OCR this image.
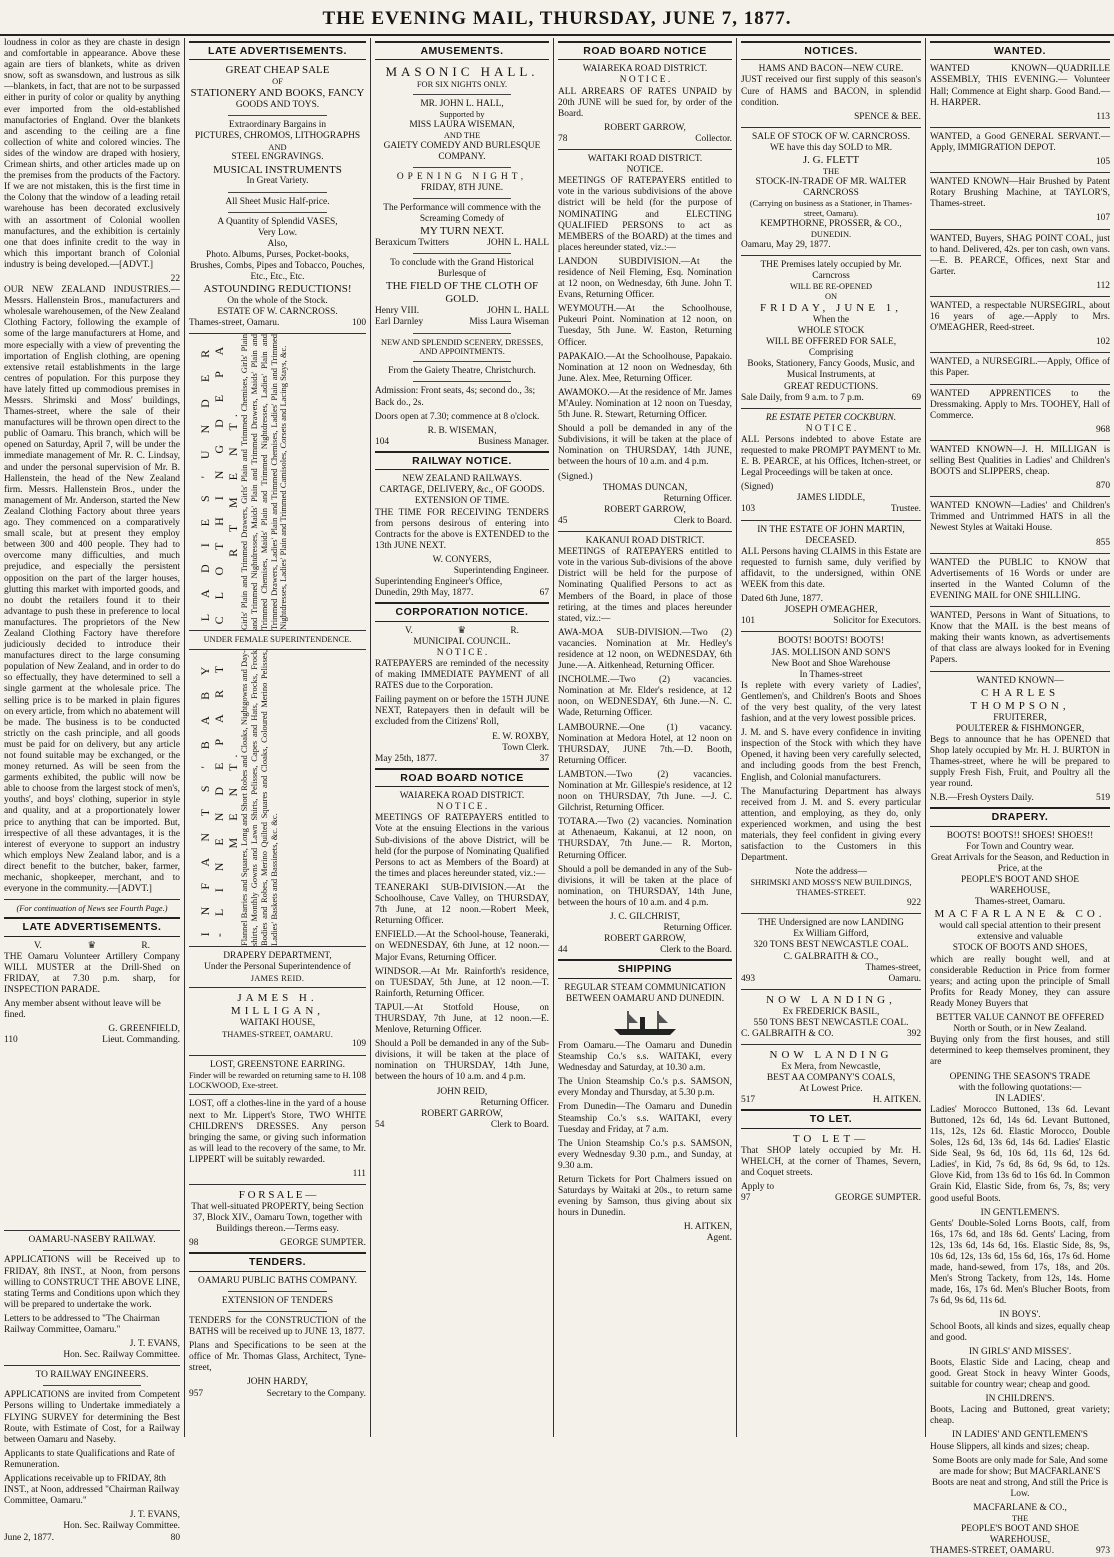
THE EVENING MAIL, THURSDAY, JUNE 7, 1877.

loudness in color as they are chaste in design and comfortable in appearance. Above these again are tiers of blankets, white as driven snow, soft as swansdown, and lustrous as silk —blankets, in fact, that are not to be surpassed either in purity of color or quality by anything ever imported from the old-established manufactories of England. Over the blankets and ascending to the ceiling are a fine collection of white and colored wincies. The sides of the window are draped with hosiery, Crimean shirts, and other articles made up on the premises from the products of the Factory. If we are not mistaken, this is the first time in the Colony that the window of a leading retail warehouse has been decorated exclusively with an assortment of Colonial woollen manufactures, and the exhibition is certainly one that does infinite credit to the way in which this important branch of Colonial industry is being developed.—[ADVT.]

22

OUR NEW ZEALAND INDUSTRIES.—Messrs. Hallenstein Bros., manufacturers and wholesale warehousemen, of the New Zealand Clothing Factory, following the example of some of the large manufacturers at Home, and more especially with a view of preventing the importation of English clothing, are opening extensive retail establishments in the large centres of population. For this purpose they have lately fitted up commodious premises in Messrs. Shrimski and Moss' buildings, Thames-street, where the sale of their manufactures will be thrown open direct to the public of Oamaru. This branch, which will be opened on Saturday, April 7, will be under the immediate management of Mr. R. C. Lindsay, and under the personal supervision of Mr. B. Hallenstein, the head of the New Zealand firm. Messrs. Hallenstein Bros., under the management of Mr. Anderson, started the New Zealand Clothing Factory about three years ago. They commenced on a comparatively small scale, but at present they employ between 300 and 400 people. They had to overcome many difficulties, and much prejudice, and especially the persistent opposition on the part of the larger houses, glutting this market with imported goods, and no doubt the retailers found it to their advantage to push these in preference to local manufactures. The proprietors of the New Zealand Clothing Factory have therefore judiciously decided to introduce their manufactures direct to the large consuming population of New Zealand, and in order to do so effectually, they have determined to sell a single garment at the wholesale price. The selling price is to be marked in plain figures on every article, from which no abatement will be made. The business is to be conducted strictly on the cash principle, and all goods must be paid for on delivery, but any article not found suitable may be exchanged, or the money returned. As will be seen from the garments exhibited, the public will now be able to choose from the largest stock of men's, youths', and boys' clothing, superior in style and quality, and at a proportionately lower price to anything that can be imported. But, irrespective of all these advantages, it is the interest of everyone to support an industry which employs New Zealand labor, and is a direct benefit to the butcher, baker, farmer, mechanic, shopkeeper, merchant, and to everyone in the community.—[ADVT.]

(For continuation of News see Fourth Page.)
LATE ADVERTISEMENTS.
V.	♛	R.

THE Oamaru Volunteer Artillery Company WILL MUSTER at the Drill-Shed on FRIDAY, at 7.30 p.m. sharp, for INSPECTION PARADE.

Any member absent without leave will be fined.

G. GREENFIELD,
110	Lieut. Commanding.
OAMARU-NASEBY RAILWAY.

APPLICATIONS will be Received up to FRIDAY, 8th INST., at Noon, from persons willing to CONSTRUCT THE ABOVE LINE, stating Terms and Conditions upon which they will be prepared to undertake the work.

Letters to be addressed to "The Chairman Railway Committee, Oamaru."

J. T. EVANS,
Hon. Sec. Railway Committee.
TO RAILWAY ENGINEERS.

APPLICATIONS are invited from Competent Persons willing to Undertake immediately a FLYING SURVEY for determining the Best Route, with Estimate of Cost, for a Railway between Oamaru and Naseby.

Applicants to state Qualifications and Rate of Remuneration.

Applications receivable up to FRIDAY, 8th INST., at Noon, addressed "Chairman Railway Committee, Oamaru."

J. T. EVANS,
Hon. Sec. Railway Committee.
June 2, 1877.	80
LATE ADVERTISEMENTS.
GREAT CHEAP SALE
OF
STATIONERY AND BOOKS, FANCY
GOODS AND TOYS.
Extraordinary Bargains in
PICTURES, CHROMOS, LITHOGRAPHS
AND
STEEL ENGRAVINGS.
MUSICAL INSTRUMENTS
In Great Variety.
All Sheet Music Half-price.
A Quantity of Splendid VASES,
Very Low.
Also,
Photo. Albums, Purses, Pocket-books, Brushes, Combs, Pipes and Tobacco, Pouches, Etc., Etc., Etc.
ASTOUNDING REDUCTIONS!
On the whole of the Stock.
ESTATE OF W. CARNCROSS.
Thames-street, Oamaru.	100
L A D I E S ' U N D E R C L O T H I N G D E P A R T M E N T. Girls' Plain and Trimmed Drawers, Girls' Plain and Trimmed Chemises, Girls' Plain and Trimmed Nightdresses, Maids' Plain and Trimmed Drawers, Maids' Plain and Trimmed Chemises, Maids' Plain and Trimmed Nightdresses, Ladies' Plain and Trimmed Drawers, Ladies' Plain and Trimmed Chemises, Ladies' Plain and Trimmed Nightdresses, Ladies' Plain and Trimmed Camisoles, Corsets and Lacing Stays, &c.
UNDER FEMALE SUPERINTENDENCE.
I N F A N T S ' B A B Y - L I N E N D E P A R T M E N T. Flannel Barries and Squares, Long and Short Robes and Cloaks, Nightgowns and Day-shirts, Monthly Gowns and Lawn Shirts, Pelisses, Capes and Hats, Frocks, Frock Bodies and Robes, Merino Quilted Squares and Cloaks, Coloured Merino Pelisses, Ladies' Baskets and Bassinets, &c. &c.
DRAPERY DEPARTMENT,
Under the Personal Superintendence of
JAMES REID.
JAMES H. MILLIGAN,
WAITAKI HOUSE,
THAMES-STREET, OAMARU.
109
LOST, GREENSTONE EARRING.
Finder will be rewarded on returning same to H. LOCKWOOD, Exe-street.
108

LOST, off a clothes-line in the yard of a house next to Mr. Lippert's Store, TWO WHITE CHILDREN'S DRESSES. Any person bringing the same, or giving such information as will lead to the recovery of the same, to Mr. LIPPERT will be suitably rewarded.

111
F O R S A L E —

That well-situated PROPERTY, being Section 37, Block XIV., Oamaru Town, together with Buildings thereon.—Terms easy.

98	GEORGE SUMPTER.
TENDERS.
OAMARU PUBLIC BATHS COMPANY.
EXTENSION OF TENDERS

TENDERS for the CONSTRUCTION of the BATHS will be received up to JUNE 13, 1877.

Plans and Specifications to be seen at the office of Mr. Thomas Glass, Architect, Tyne-street,

JOHN HARDY,
957	Secretary to the Company.
AMUSEMENTS.
MASONIC HALL.
FOR SIX NIGHTS ONLY.
MR. JOHN L. HALL,
Supported by
MISS LAURA WISEMAN,
AND THE
GAIETY COMEDY AND BURLESQUE COMPANY.
OPENING NIGHT,
FRIDAY, 8TH JUNE.
The Performance will commence with the Screaming Comedy of
MY TURN NEXT.
Beraxicum Twitters	JOHN L. HALL
To conclude with the Grand Historical Burlesque of
THE FIELD OF THE CLOTH OF GOLD.
Henry VIII.	JOHN L. HALL
Earl Darnley	Miss Laura Wiseman
NEW AND SPLENDID SCENERY, DRESSES, AND APPOINTMENTS.
From the Gaiety Theatre, Christchurch.

Admission: Front seats, 4s; second do., 3s; Back do., 2s.

Doors open at 7.30; commence at 8 o'clock.

R. B. WISEMAN,
104	Business Manager.
RAILWAY NOTICE.
NEW ZEALAND RAILWAYS.
CARTAGE, DELIVERY, &c., OF GOODS.
EXTENSION OF TIME.

THE TIME FOR RECEIVING TENDERS from persons desirous of entering into Contracts for the above is EXTENDED to the 13th JUNE NEXT.

W. CONYERS,
Superintending Engineer.
Superintending Engineer's Office,
Dunedin, 29th May, 1877.	67
CORPORATION NOTICE.
V.	♛	R.
MUNICIPAL COUNCIL.
N O T I C E .

RATEPAYERS are reminded of the necessity of making IMMEDIATE PAYMENT of all RATES due to the Corporation.

Failing payment on or before the 15TH JUNE NEXT, Ratepayers then in default will be excluded from the Citizens' Roll,

E. W. ROXBY,
Town Clerk.
May 25th, 1877.	37
ROAD BOARD NOTICE
WAIAREKA ROAD DISTRICT.
N O T I C E .

MEETINGS OF RATEPAYERS entitled to Vote at the ensuing Elections in the various Sub-divisions of the above District, will be held (for the purpose of Nominating Qualified Persons to act as Members of the Board) at the times and places hereunder stated, viz.:—

TEANERAKI SUB-DIVISION.—At the Schoolhouse, Cave Valley, on THURSDAY, 7th June, at 12 noon.—Robert Meek, Returning Officer.

ENFIELD.—At the School-house, Teaneraki, on WEDNESDAY, 6th June, at 12 noon.—Major Evans, Returning Officer.

WINDSOR.—At Mr. Rainforth's residence, on TUESDAY, 5th June, at 12 noon.—T. Rainforth, Returning Officer.

TAPUI.—At Stotfold House, on THURSDAY, 7th June, at 12 noon.—E. Menlove, Returning Officer.

Should a Poll be demanded in any of the Sub-divisions, it will be taken at the place of nomination on THURSDAY, 14th June, between the hours of 10 a.m. and 4 p.m.

JOHN REID,
Returning Officer.
ROBERT GARROW,
54	Clerk to Board.
ROAD BOARD NOTICE
WAIAREKA ROAD DISTRICT.
N O T I C E .

ALL ARREARS OF RATES UNPAID by 20th JUNE will be sued for, by order of the Board.

ROBERT GARROW,
78	Collector.
WAITAKI ROAD DISTRICT.
NOTICE.

MEETINGS OF RATEPAYERS entitled to vote in the various subdivisions of the above district will be held (for the purpose of NOMINATING and ELECTING QUALIFIED PERSONS to act as MEMBERS of the BOARD) at the times and places hereunder stated, viz.:—

LANDON SUBDIVISION.—At the residence of Neil Fleming, Esq. Nomination at 12 noon, on Wednesday, 6th June. John T. Evans, Returning Officer.

WEYMOUTH.—At the Schoolhouse, Pukeuri Point. Nomination at 12 noon, on Tuesday, 5th June. W. Easton, Returning Officer.

PAPAKAIO.—At the Schoolhouse, Papakaio. Nomination at 12 noon on Wednesday, 6th June. Alex. Mee, Returning Officer.

AWAMOKO.—At the residence of Mr. James M'Auley. Nomination at 12 noon on Tuesday, 5th June. R. Stewart, Returning Officer.

Should a poll be demanded in any of the Subdivisions, it will be taken at the place of Nomination on THURSDAY, 14th JUNE, between the hours of 10 a.m. and 4 p.m.

(Signed.)
THOMAS DUNCAN,
Returning Officer.
ROBERT GARROW,
45	Clerk to Board.
KAKANUI ROAD DISTRICT.

MEETINGS of RATEPAYERS entitled to vote in the various Sub-divisions of the above District will be held for the purpose of Nominating Qualified Persons to act as Members of the Board, in place of those retiring, at the times and places hereunder stated, viz.:—

AWA-MOA SUB-DIVISION.—Two (2) vacancies. Nomination at Mr. Hedley's residence at 12 noon, on WEDNESDAY, 6th June.—A. Aitkenhead, Returning Officer.

INCHOLME.—Two (2) vacancies. Nomination at Mr. Elder's residence, at 12 noon, on WEDNESDAY, 6th June.—N. C. Wade, Returning Officer.

LAMBOURNE.—One (1) vacancy. Nomination at Medora Hotel, at 12 noon on THURSDAY, JUNE 7th.—D. Booth, Returning Officer.

LAMBTON.—Two (2) vacancies. Nomination at Mr. Gillespie's residence, at 12 noon on THURSDAY, 7th June. —J. C. Gilchrist, Returning Officer.

TOTARA.—Two (2) vacancies. Nomination at Athenaeum, Kakanui, at 12 noon, on THURSDAY, 7th June.— R. Morton, Returning Officer.

Should a poll be demanded in any of the Sub-divisions, it will be taken at the place of nomination, on THURSDAY, 14th June, between the hours of 10 a.m. and 4 p.m.

J. C. GILCHRIST,
Returning Officer.
ROBERT GARROW,
44	Clerk to the Board.
SHIPPING
REGULAR STEAM COMMUNICATION BETWEEN OAMARU AND DUNEDIN.

From Oamaru.—The Oamaru and Dunedin Steamship Co.'s s.s. WAITAKI, every Wednesday and Saturday, at 10.30 a.m.

The Union Steamship Co.'s p.s. SAMSON, every Monday and Thursday, at 5.30 p.m.

From Dunedin—The Oamaru and Dunedin Steamship Co.'s s.s. WAITAKI, every Tuesday and Friday, at 7 a.m.

The Union Steamship Co.'s p.s. SAMSON, every Wednesday 9.30 p.m., and Sunday, at 9.30 a.m.

Return Tickets for Port Chalmers issued on Saturdays by Waitaki at 20s., to return same evening by Samson, thus giving about six hours in Dunedin.

H. AITKEN,
Agent.
NOTICES.
HAMS AND BACON—NEW CURE.

JUST received our first supply of this season's Cure of HAMS and BACON, in splendid condition.

SPENCE & BEE.
SALE OF STOCK OF W. CARNCROSS.
WE have this day SOLD to MR.
J. G. FLETT
THE
STOCK-IN-TRADE OF MR. WALTER CARNCROSS
(Carrying on business as a Stationer, in Thames-street, Oamaru).
KEMPTHORNE, PROSSER, & CO.,
DUNEDIN.
Oamaru, May 29, 1877.
THE Premises lately occupied by Mr. Carncross
WILL BE RE-OPENED
ON
FRIDAY, JUNE 1,
When the
WHOLE STOCK
WILL BE OFFERED FOR SALE,
Comprising
Books, Stationery, Fancy Goods, Music, and Musical Instruments, at
GREAT REDUCTIONS.
Sale Daily, from 9 a.m. to 7 p.m.	69
RE ESTATE PETER COCKBURN.
N O T I C E .

ALL Persons indebted to above Estate are requested to make PROMPT PAYMENT to Mr. E. B. PEARCE, at his Offices, Itchen-street, or Legal Proceedings will be taken at once.

(Signed)
JAMES LIDDLE,
103	Trustee.
IN THE ESTATE OF JOHN MARTIN, DECEASED.

ALL Persons having CLAIMS in this Estate are requested to furnish same, duly verified by affidavit, to the undersigned, within ONE WEEK from this date.

Dated 6th June, 1877.
JOSEPH O'MEAGHER,
101	Solicitor for Executors.
BOOTS! BOOTS! BOOTS!
JAS. MOLLISON AND SON'S
New Boot and Shoe Warehouse
In Thames-street

Is replete with every variety of Ladies', Gentlemen's, and Children's Boots and Shoes of the very best quality, of the very latest fashion, and at the very lowest possible prices.

J. M. and S. have every confidence in inviting inspection of the Stock with which they have Opened, it having been very carefully selected, and including goods from the best French, English, and Colonial manufacturers.

The Manufacturing Department has always received from J. M. and S. every particular attention, and employing, as they do, only experienced workmen, and using the best materials, they feel confident in giving every satisfaction to the Customers in this Department.

Note the address—
SHRIMSKI AND MOSS'S NEW BUILDINGS, THAMES-STREET.
922
THE Undersigned are now LANDING
Ex William Gifford,
320 TONS BEST NEWCASTLE COAL.
C. GALBRAITH & CO.,
Thames-street,
493	Oamaru.
NOW LANDING,
Ex FREDERICK BASIL,
550 TONS BEST NEWCASTLE COAL.
C. GALBRAITH & CO.	392
NOW LANDING
Ex Mera, from Newcastle,
BEST AA COMPANY'S COALS,
At Lowest Price.
517	H. AITKEN.
TO LET.
TO LET—

That SHOP lately occupied by Mr. H. WHELCH, at the corner of Thames, Severn, and Coquet streets.

Apply to
97	GEORGE SUMPTER.
WANTED.

WANTED KNOWN—QUADRILLE ASSEMBLY, THIS EVENING.— Volunteer Hall; Commence at Eight sharp. Good Band.—H. HARPER.

113

WANTED, a Good GENERAL SERVANT.—Apply, IMMIGRATION DEPOT.

105

WANTED KNOWN—Hair Brushed by Patent Rotary Brushing Machine, at TAYLOR'S, Thames-street.

107

WANTED, Buyers, SHAG POINT COAL, just to hand. Delivered, 42s. per ton cash, own vans.—E. B. PEARCE, Offices, next Star and Garter.

112

WANTED, a respectable NURSEGIRL, about 16 years of age.—Apply to Mrs. O'MEAGHER, Reed-street.

102

WANTED, a NURSEGIRL.—Apply, Office of this Paper.

WANTED APPRENTICES to the Dressmaking. Apply to Mrs. TOOHEY, Hall of Commerce.

968

WANTED KNOWN—J. H. MILLIGAN is selling Best Qualities in Ladies' and Children's BOOTS and SLIPPERS, cheap.

870

WANTED KNOWN—Ladies' and Children's Trimmed and Untrimmed HATS in all the Newest Styles at Waitaki House.

855

WANTED the PUBLIC to KNOW that Advertisements of 16 Words or under are inserted in the Wanted Column of the EVENING MAIL for ONE SHILLING.

WANTED, Persons in Want of Situations, to Know that the MAIL is the best means of making their wants known, as advertisements of that class are always looked for in Evening Papers.

WANTED KNOWN—
CHARLES THOMPSON,
FRUITERER,
POULTERER & FISHMONGER,

Begs to announce that he has OPENED that Shop lately occupied by Mr. H. J. BURTON in Thames-street, where he will be prepared to supply Fresh Fish, Fruit, and Poultry all the year round.

N.B.—Fresh Oysters Daily.	519
DRAPERY.
BOOTS! BOOTS!! SHOES! SHOES!!
For Town and Country wear.
Great Arrivals for the Season, and Reduction in Price, at the
PEOPLE'S BOOT AND SHOE WAREHOUSE,
Thames-street, Oamaru.
MACFARLANE & CO.
would call special attention to their present extensive and valuable
STOCK OF BOOTS AND SHOES,

which are really bought well, and at considerable Reduction in Price from former years; and acting upon the principle of Small Profits for Ready Money, they can assure Ready Money Buyers that

BETTER VALUE CANNOT BE OFFERED
North or South, or in New Zealand.

Buying only from the first houses, and still determined to keep themselves prominent, they are

OPENING THE SEASON'S TRADE
with the following quotations:—
IN LADIES'.

Ladies' Morocco Buttoned, 13s 6d. Levant Buttoned, 12s 6d, 14s 6d. Levant Buttoned, 11s, 12s, 12s 6d. Elastic Morocco, Double Soles, 12s 6d, 13s 6d, 14s 6d. Ladies' Elastic Side Seal, 9s 6d, 10s 6d, 11s 6d, 12s 6d. Ladies', in Kid, 7s 6d, 8s 6d, 9s 6d, to 12s. Glove Kid, from 13s 6d to 16s 6d. In Common Grain Kid, Elastic Side, from 6s, 7s, 8s; very good useful Boots.

IN GENTLEMEN'S.

Gents' Double-Soled Lorns Boots, calf, from 16s, 17s 6d, and 18s 6d. Gents' Lacing, from 12s, 13s 6d, 14s 6d, 16s. Elastic Side, 8s, 9s, 10s 6d, 12s, 13s 6d, 15s 6d, 16s, 17s 6d. Home made, hand-sewed, from 17s, 18s, and 20s. Men's Strong Tackety, from 12s, 14s. Home made, 16s, 17s 6d. Men's Blucher Boots, from 7s 6d, 9s 6d, 11s 6d.

IN BOYS'.

School Boots, all kinds and sizes, equally cheap and good.

IN GIRLS' AND MISSES'.

Boots, Elastic Side and Lacing, cheap and good. Great Stock in heavy Winter Goods, suitable for country wear; cheap and good.

IN CHILDREN'S.

Boots, Lacing and Buttoned, great variety; cheap.

IN LADIES' AND GENTLEMEN'S

House Slippers, all kinds and sizes; cheap.

Some Boots are only made for Sale, And some are made for show; But MACFARLANE'S Boots are neat and strong, And still the Price is Low.

MACFARLANE & CO.,
THE
PEOPLE'S BOOT AND SHOE WAREHOUSE,
THAMES-STREET, OAMARU.	973
